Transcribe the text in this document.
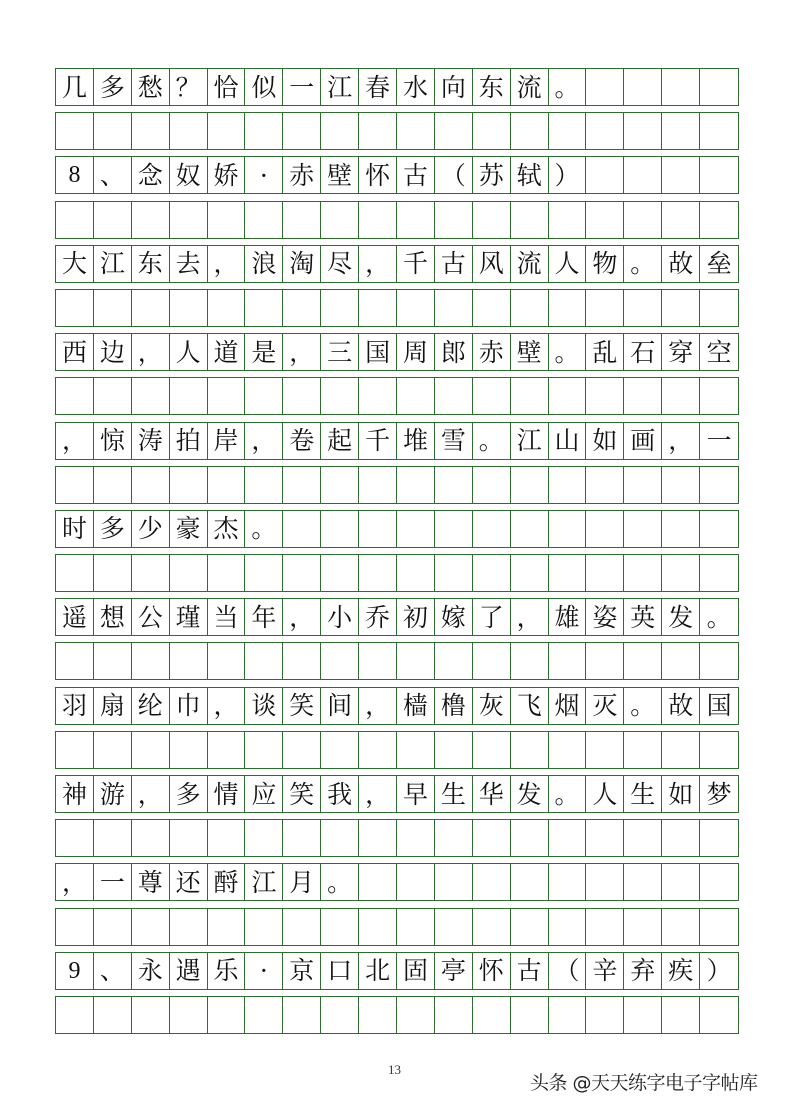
几 多 愁 ？ 恰 似 一 江 春 水 向 东 流 。
8 、 念 奴 娇 · 赤 壁 怀 古 （ 苏 轼 ）
大 江 东 去 ， 浪 淘 尽 ， 千 古 风 流 人 物 。 故 垒
西 边 ， 人 道 是 ， 三 国 周 郎 赤 壁 。 乱 石 穿 空
， 惊 涛 拍 岸 ， 卷 起 千 堆 雪 。 江 山 如 画 ， 一
时 多 少 豪 杰 。
遥 想 公 瑾 当 年 ， 小 乔 初 嫁 了 ， 雄 姿 英 发 。
羽 扇 纶 巾 ， 谈 笑 间 ， 樯 橹 灰 飞 烟 灭 。 故 国
神 游 ， 多 情 应 笑 我 ， 早 生 华 发 。 人 生 如 梦
， 一 尊 还 酹 江 月 。
9 、 永 遇 乐 · 京 口 北 固 亭 怀 古 （ 辛 弃 疾 ）
13
头条 @天天练字电子字帖库
